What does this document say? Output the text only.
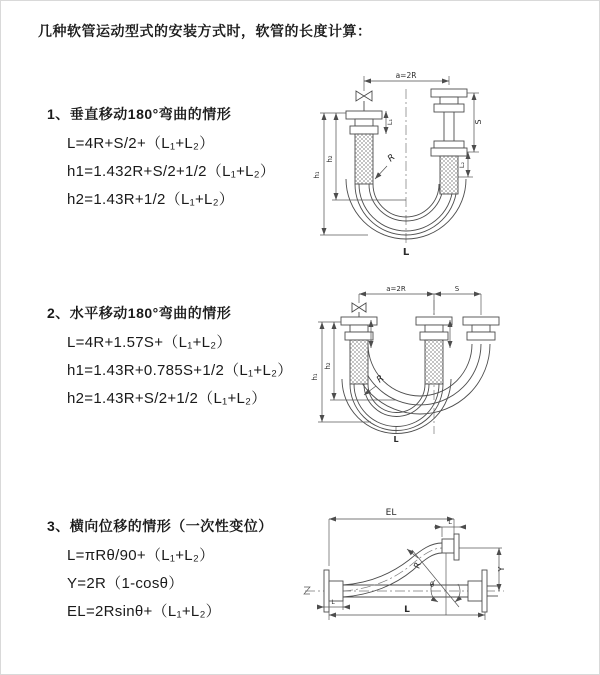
几种软管运动型式的安装方式时，软管的长度计算：
1、垂直移动180°弯曲的情形
L=4R+S/2+（L₁+L₂）
h1=1.432R+S/2+1/2（L₁+L₂）
h2=1.43R+1/2（L₁+L₂）
2、水平移动180°弯曲的情形
L=4R+1.57S+（L₁+L₂）
h1=1.43R+0.785S+1/2（L₁+L₂）
h2=1.43R+S/2+1/2（L₁+L₂）
3、横向位移的情形（一次性变位）
L=πRθ/90+（L₁+L₂）
Y=2R（1-cosθ）
EL=2Rsinθ+（L₁+L₂）
a=2R
h₁
h₂
L₁	S
L₂
R
L
a=2R	S
h₁
h₂
R
L
EL
L
Y
R
θ
L
L
